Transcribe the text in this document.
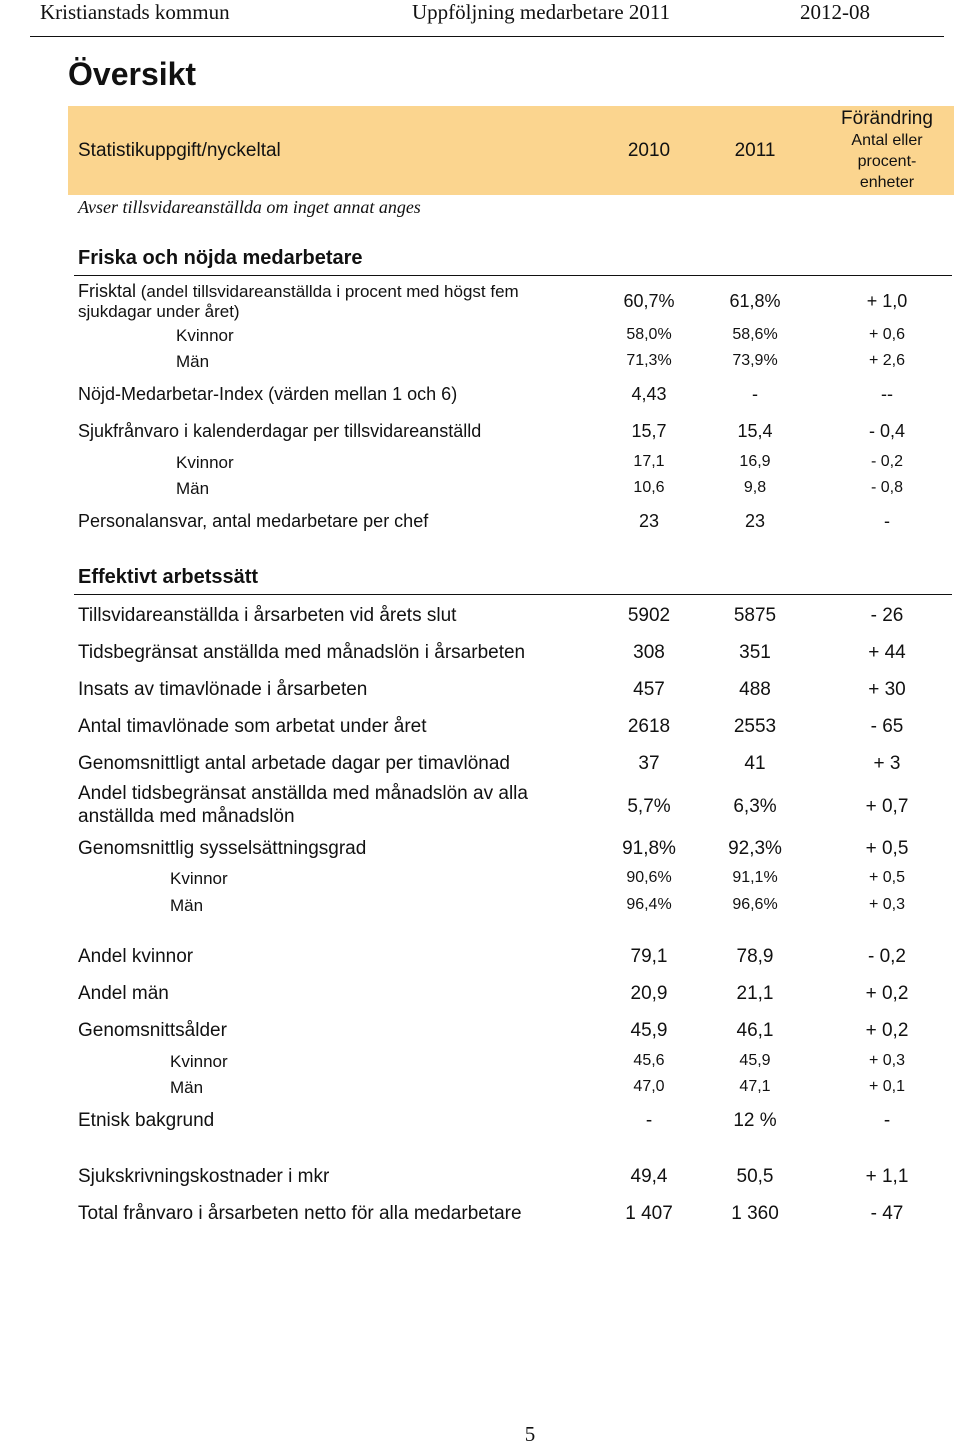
Kristianstads kommun	Uppföljning medarbetare 2011	2012-08
Översikt
Statistikuppgift/nyckeltal	2010	2011
Förändring
Antal eller
procent-
enheter
Avser tillsvidareanställda om inget annat anges
Friska och nöjda medarbetare
Frisktal (andel tillsvidareanställda i procent med högst fem
sjukdagar under året)
60,7%	61,8%	+ 1,0
Kvinnor	58,0%	58,6%	+ 0,6
Män	71,3%	73,9%	+ 2,6
Nöjd-Medarbetar-Index (värden mellan 1 och 6)	4,43	-	--
Sjukfrånvaro i kalenderdagar per tillsvidareanställd	15,7	15,4	- 0,4
Kvinnor	17,1	16,9	- 0,2
Män	10,6	9,8	- 0,8
Personalansvar, antal medarbetare per chef	23	23	-
Effektivt arbetssätt
Tillsvidareanställda i årsarbeten vid årets slut	5902	5875	- 26
Tidsbegränsat anställda med månadslön i årsarbeten	308	351	+ 44
Insats av timavlönade i årsarbeten	457	488	+ 30
Antal timavlönade som arbetat under året	2618	2553	- 65
Genomsnittligt antal arbetade dagar per timavlönad	37	41	+ 3
Andel tidsbegränsat anställda med månadslön av alla
anställda med månadslön	5,7%	6,3%	+ 0,7
Genomsnittlig sysselsättningsgrad	91,8%	92,3%	+ 0,5
Kvinnor	90,6%	91,1%	+ 0,5
Män	96,4%	96,6%	+ 0,3
Andel kvinnor	79,1	78,9	- 0,2
Andel män	20,9	21,1	+ 0,2
Genomsnittsålder	45,9	46,1	+ 0,2
Kvinnor	45,6	45,9	+ 0,3
Män	47,0	47,1	+ 0,1
Etnisk bakgrund	-	12 %	-
Sjukskrivningskostnader i mkr	49,4	50,5	+ 1,1
Total frånvaro i årsarbeten netto för alla medarbetare	1 407	1 360	- 47
5
